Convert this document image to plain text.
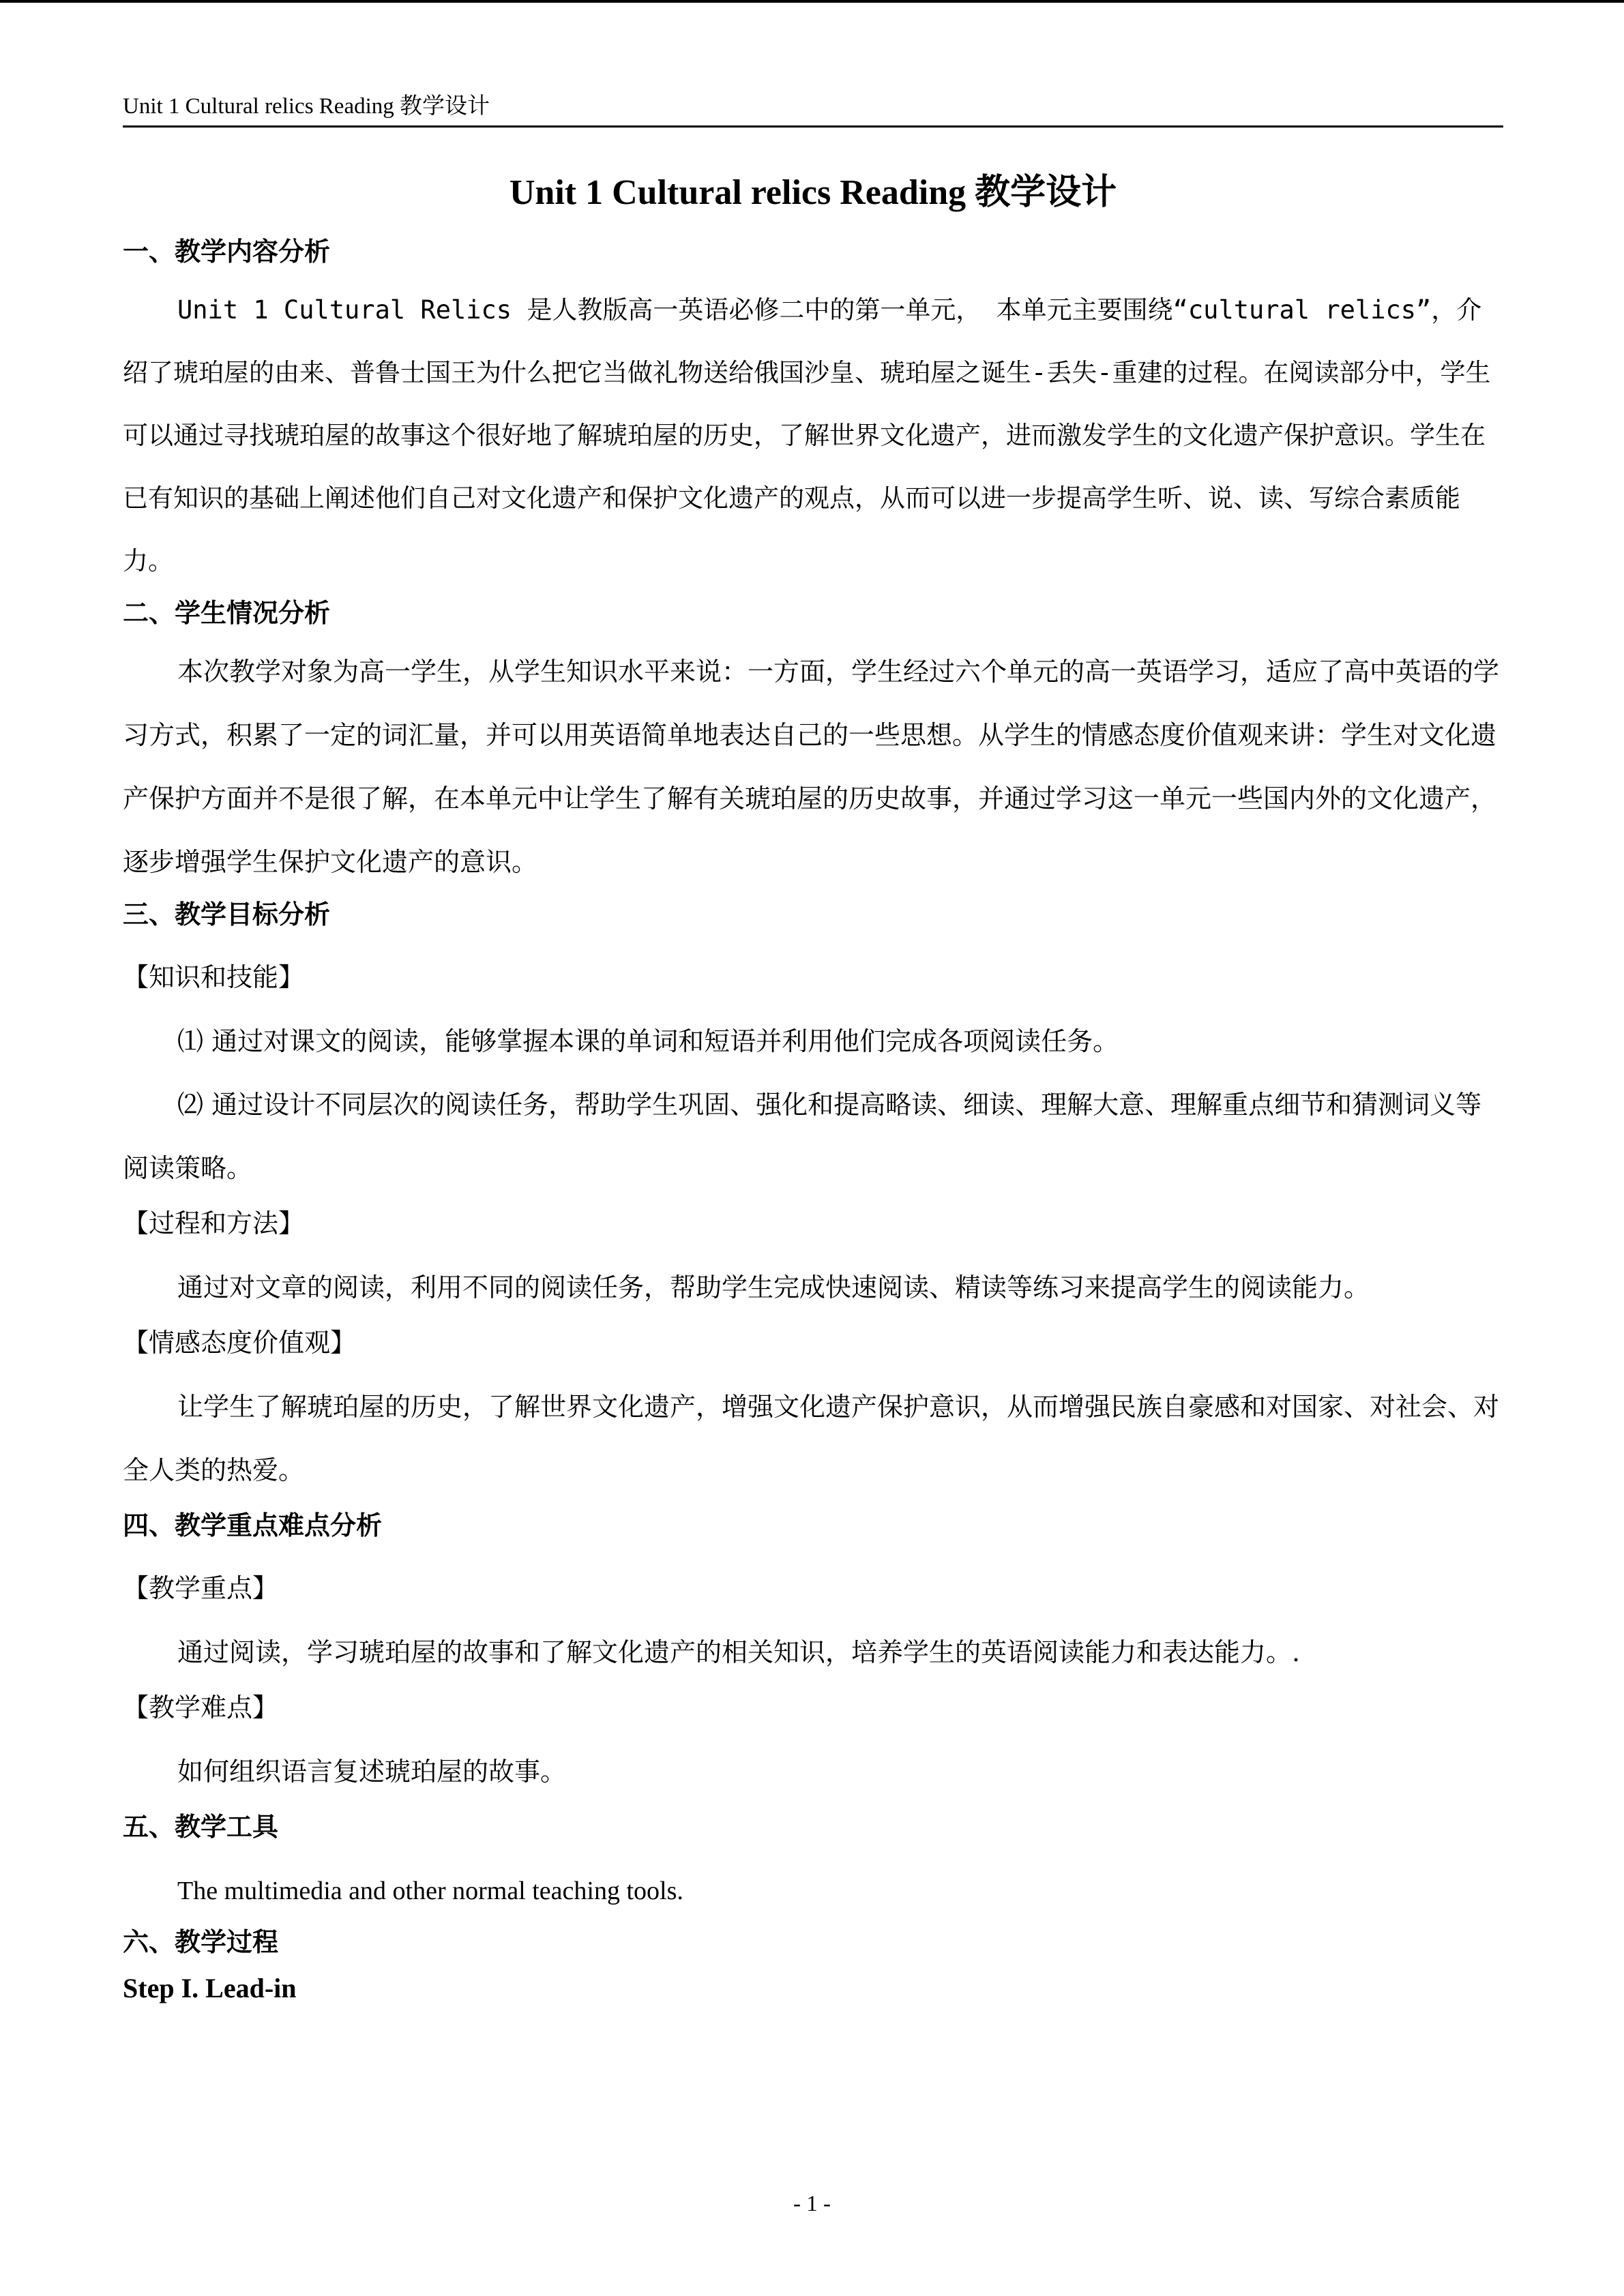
Unit 1 Cultural relics Reading 教学设计
Unit 1 Cultural relics Reading 教学设计
一、教学内容分析

Unit 1 Cultural Relics 是人教版高一英语必修二中的第一单元， 本单元主要围绕“cultural relics”，介绍了琥珀屋的由来、普鲁士国王为什么把它当做礼物送给俄国沙皇、琥珀屋之诞生-丢失-重建的过程。在阅读部分中，学生可以通过寻找琥珀屋的故事这个很好地了解琥珀屋的历史，了解世界文化遗产，进而激发学生的文化遗产保护意识。学生在已有知识的基础上阐述他们自己对文化遗产和保护文化遗产的观点，从而可以进一步提高学生听、说、读、写综合素质能力。

二、学生情况分析

本次教学对象为高一学生，从学生知识水平来说：一方面，学生经过六个单元的高一英语学习，适应了高中英语的学习方式，积累了一定的词汇量，并可以用英语简单地表达自己的一些思想。从学生的情感态度价值观来讲：学生对文化遗产保护方面并不是很了解，在本单元中让学生了解有关琥珀屋的历史故事，并通过学习这一单元一些国内外的文化遗产，逐步增强学生保护文化遗产的意识。

三、教学目标分析
【知识和技能】

⑴ 通过对课文的阅读，能够掌握本课的单词和短语并利用他们完成各项阅读任务。

⑵ 通过设计不同层次的阅读任务，帮助学生巩固、强化和提高略读、细读、理解大意、理解重点细节和猜测词义等阅读策略。

【过程和方法】

通过对文章的阅读，利用不同的阅读任务，帮助学生完成快速阅读、精读等练习来提高学生的阅读能力。

【情感态度价值观】

让学生了解琥珀屋的历史，了解世界文化遗产，增强文化遗产保护意识，从而增强民族自豪感和对国家、对社会、对全人类的热爱。

四、教学重点难点分析
【教学重点】

通过阅读，学习琥珀屋的故事和了解文化遗产的相关知识，培养学生的英语阅读能力和表达能力。.

【教学难点】

如何组织语言复述琥珀屋的故事。

五、教学工具

The multimedia and other normal teaching tools.

六、教学过程
Step I. Lead-in
- 1 -
